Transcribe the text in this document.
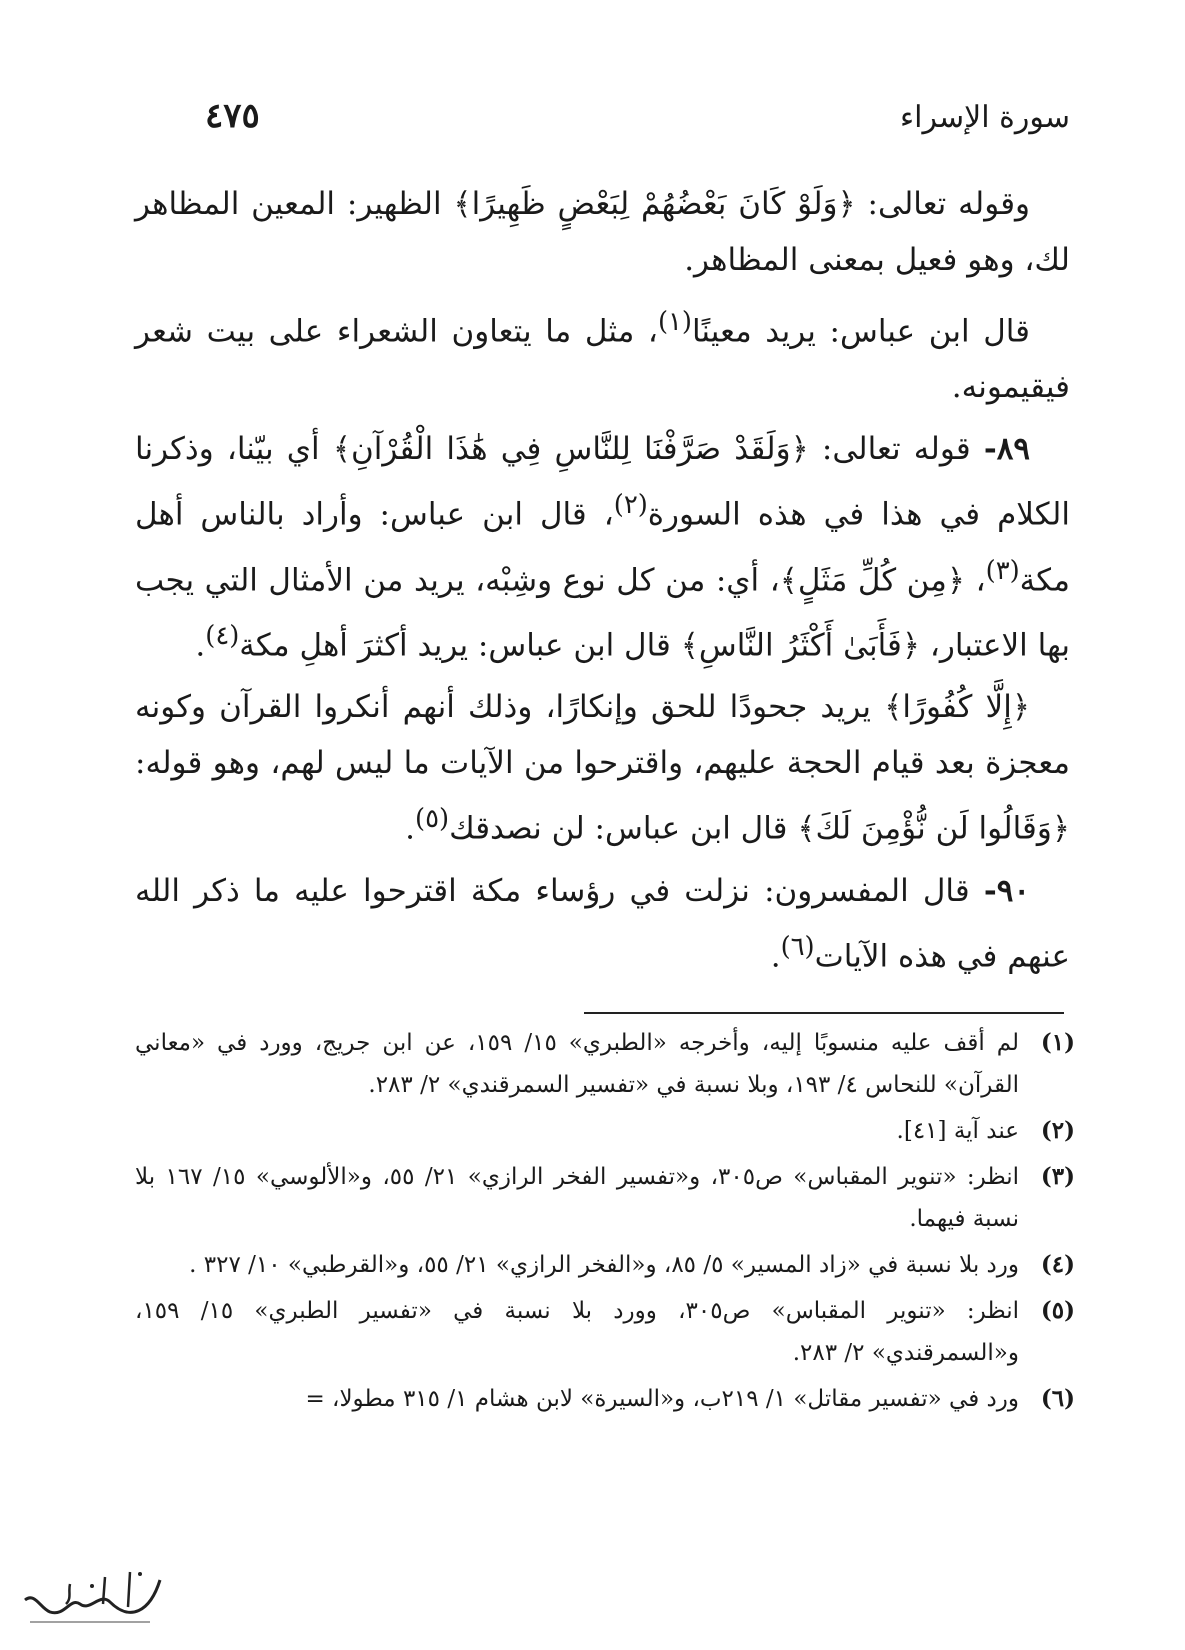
٤٧٥	سورة الإسراء

وقوله تعالى: ﴿وَلَوْ كَانَ بَعْضُهُمْ لِبَعْضٍ ظَهِيرًا﴾ الظهير: المعين المظاهر لك، وهو فعيل بمعنى المظاهر.

قال ابن عباس: يريد معينًا$^{(١)}$، مثل ما يتعاون الشعراء على بيت شعر فيقيمونه.

٨٩- قوله تعالى: ﴿وَلَقَدْ صَرَّفْنَا لِلنَّاسِ فِي هَٰذَا الْقُرْآنِ﴾ أي بيّنا، وذكرنا الكلام في هذا في هذه السورة$^{(٢)}$، قال ابن عباس: وأراد بالناس أهل مكة$^{(٣)}$، ﴿مِن كُلِّ مَثَلٍ﴾، أي: من كل نوع وشِبْه، يريد من الأمثال التي يجب بها الاعتبار، ﴿فَأَبَىٰ أَكْثَرُ النَّاسِ﴾ قال ابن عباس: يريد أكثرَ أهلِ مكة$^{(٤)}$.

﴿إِلَّا كُفُورًا﴾ يريد جحودًا للحق وإنكارًا، وذلك أنهم أنكروا القرآن وكونه معجزة بعد قيام الحجة عليهم، واقترحوا من الآيات ما ليس لهم، وهو قوله: ﴿وَقَالُوا لَن نُّؤْمِنَ لَكَ﴾ قال ابن عباس: لن نصدقك$^{(٥)}$.

٩٠- قال المفسرون: نزلت في رؤساء مكة اقترحوا عليه ما ذكر الله عنهم في هذه الآيات$^{(٦)}$.

(١)
لم أقف عليه منسوبًا إليه، وأخرجه «الطبري» ١٥/ ١٥٩، عن ابن جريج، وورد في «معاني القرآن» للنحاس ٤/ ١٩٣، وبلا نسبة في «تفسير السمرقندي» ٢/ ٢٨٣.
(٢)
عند آية [٤١].
(٣)
انظر: «تنوير المقباس» ص٣٠٥، و«تفسير الفخر الرازي» ٢١/ ٥٥، و«الألوسي» ١٥/ ١٦٧ بلا نسبة فيهما.
(٤)
ورد بلا نسبة في «زاد المسير» ٥/ ٨٥، و«الفخر الرازي» ٢١/ ٥٥، و«القرطبي» ١٠/ ٣٢٧ .
(٥)
انظر: «تنوير المقباس» ص٣٠٥، وورد بلا نسبة في «تفسير الطبري» ١٥/ ١٥٩، و«السمرقندي» ٢/ ٢٨٣.
(٦)
ورد في «تفسير مقاتل» ١/ ٢١٩ب، و«السيرة» لابن هشام ١/ ٣١٥ مطولا، =
